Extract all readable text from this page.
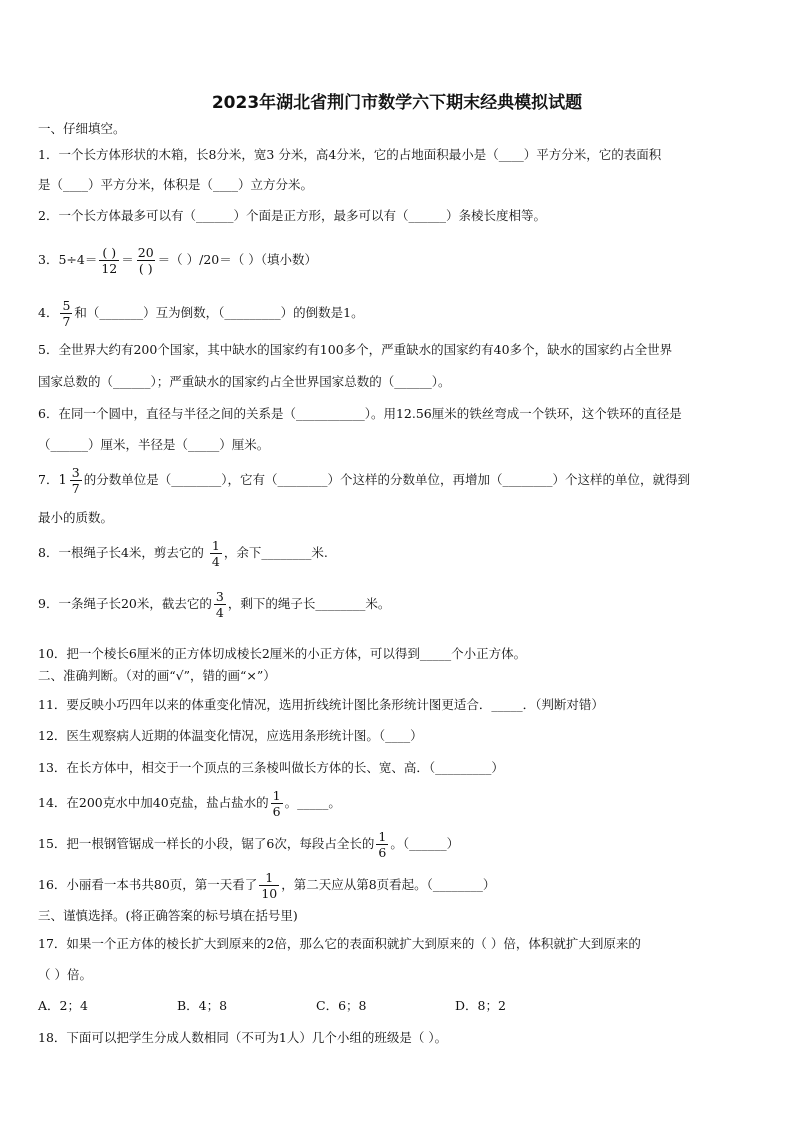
2023年湖北省荆门市数学六下期末经典模拟试题
一、仔细填空。
1．一个长方体形状的木箱，长8分米，宽3 分米，高4分米，它的占地面积最小是（____）平方分米，它的表面积
是（____）平方分米，体积是（____）立方分米。
2．一个长方体最多可以有（______）个面是正方形，最多可以有（______）条棱长度相等。
3．$5\div 4= \frac{( )}{12} = \frac{20}{( )}$ ＝（ ）/20＝（ ）（填小数）
4． $\frac{5}{7}$ 和（_______）互为倒数，（_________）的倒数是1。
5．全世界大约有200个国家，其中缺水的国家约有100多个，严重缺水的国家约有40多个，缺水的国家约占全世界
国家总数的（______）；严重缺水的国家约占全世界国家总数的（______）。
6．在同一个圆中，直径与半径之间的关系是（___________）。用12.56厘米的铁丝弯成一个铁环，这个铁环的直径是
（______）厘米，半径是（_____）厘米。
7．$1 \frac{3}{7}$ 的分数单位是（________），它有（________）个这样的分数单位，再增加（________）个这样的单位，就得到
最小的质数。
8．一根绳子长4米，剪去它的 $\frac{1}{4}$ ，余下________米.
9．一条绳子长20米，截去它的 $\frac{3}{4}$ ，剩下的绳子长________米。
10．把一个棱长6厘米的正方体切成棱长2厘米的小正方体，可以得到_____个小正方体。
二、准确判断。（对的画“√”，错的画“×”）
11．要反映小巧四年以来的体重变化情况，选用折线统计图比条形统计图更适合．_____．（判断对错）
12．医生观察病人近期的体温变化情况，应选用条形统计图。（____）
13．在长方体中，相交于一个顶点的三条棱叫做长方体的长、宽、高．（_________）
14．在200克水中加40克盐，盐占盐水的 $\frac{1}{6}$ 。_____。
15．把一根钢管锯成一样长的小段，锯了6次，每段占全长的 $\frac{1}{6}$ 。（______）
16．小丽看一本书共80页，第一天看了 $\frac{1}{10}$ ，第二天应从第8页看起。（________）
三、谨慎选择。(将正确答案的标号填在括号里)
17．如果一个正方体的棱长扩大到原来的2倍，那么它的表面积就扩大到原来的（ ）倍，体积就扩大到原来的
（ ）倍。
A．2；4	B．4；8	C．6；8	D．8；2
18．下面可以把学生分成人数相同（不可为1人）几个小组的班级是（ ）。
